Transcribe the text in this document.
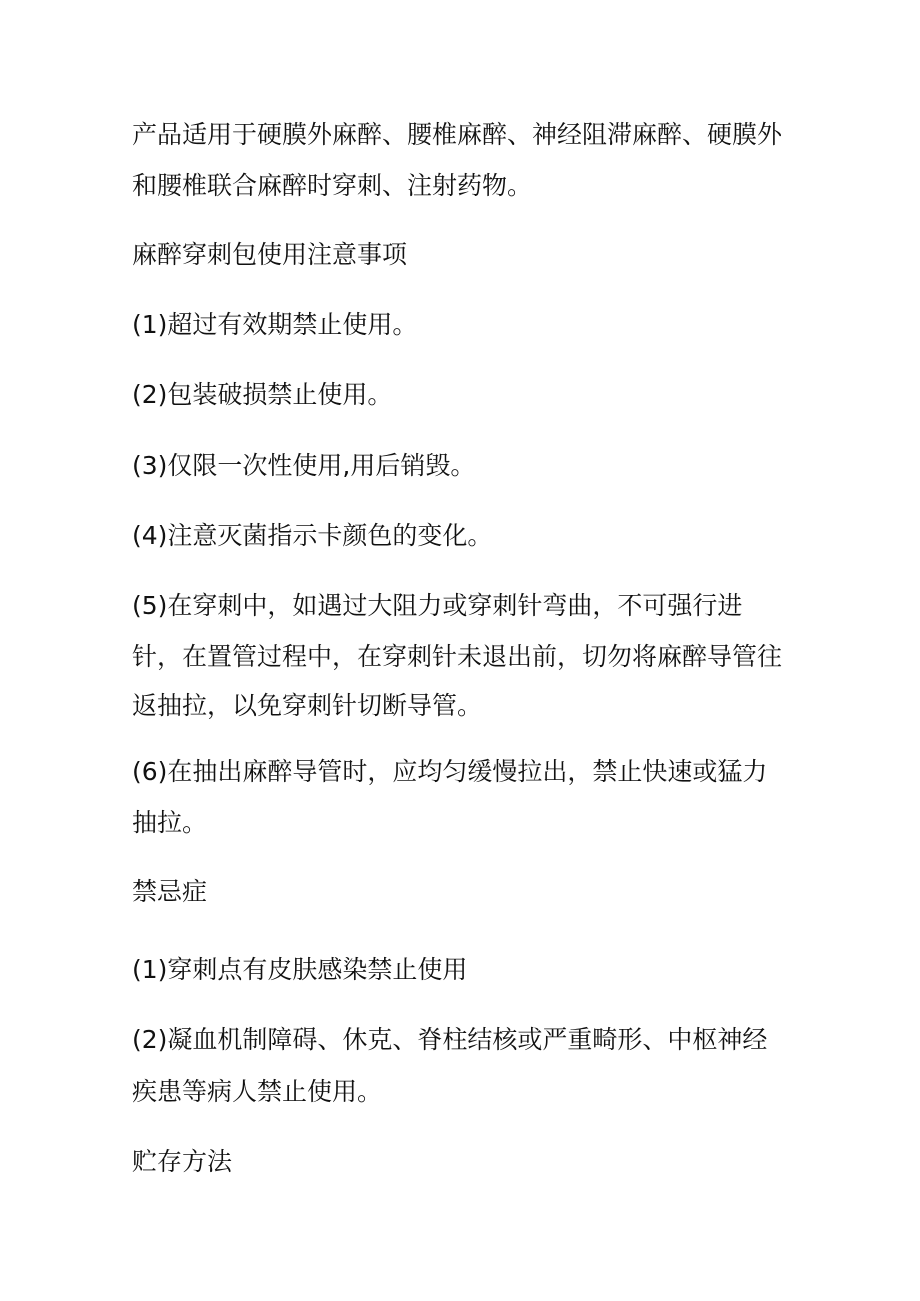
产品适用于硬膜外麻醉、腰椎麻醉、神经阻滞麻醉、硬膜外
和腰椎联合麻醉时穿刺、注射药物。
麻醉穿刺包使用注意事项
(1)超过有效期禁止使用。
(2)包装破损禁止使用。
(3)仅限一次性使用,用后销毁。
(4)注意灭菌指示卡颜色的变化。
(5)在穿刺中，如遇过大阻力或穿刺针弯曲，不可强行进
针，在置管过程中，在穿刺针未退出前，切勿将麻醉导管往
返抽拉，以免穿刺针切断导管。
(6)在抽出麻醉导管时，应均匀缓慢拉出，禁止快速或猛力
抽拉。
禁忌症
(1)穿刺点有皮肤感染禁止使用
(2)凝血机制障碍、休克、脊柱结核或严重畸形、中枢神经
疾患等病人禁止使用。
贮存方法
